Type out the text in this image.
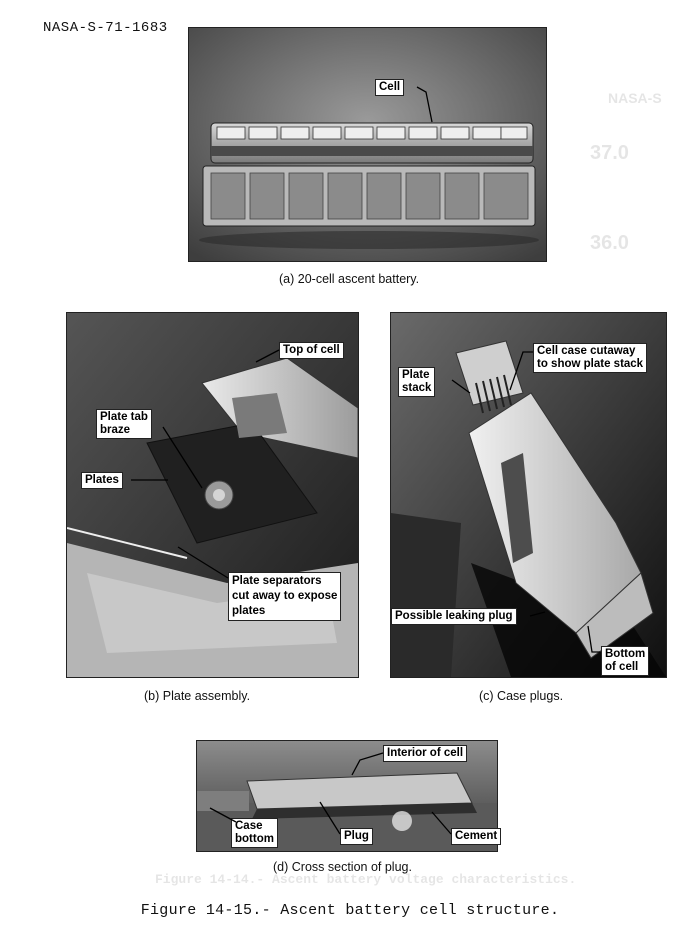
NASA-S
37.0
36.0
Figure 14-14.- Ascent battery voltage characteristics.
NASA-S-71-1683
Cell
(a) 20-cell ascent battery.
Top of cell
Plate tab
braze
Plates
Plate separators
cut away to expose
plates
(b) Plate assembly.
Plate
stack
Cell case cutaway
to show plate stack
Possible leaking plug
Bottom
of cell
(c) Case plugs.
Interior of cell
Case
bottom	Plug	Cement
(d) Cross section of plug.
Figure 14-15.- Ascent battery cell structure.
